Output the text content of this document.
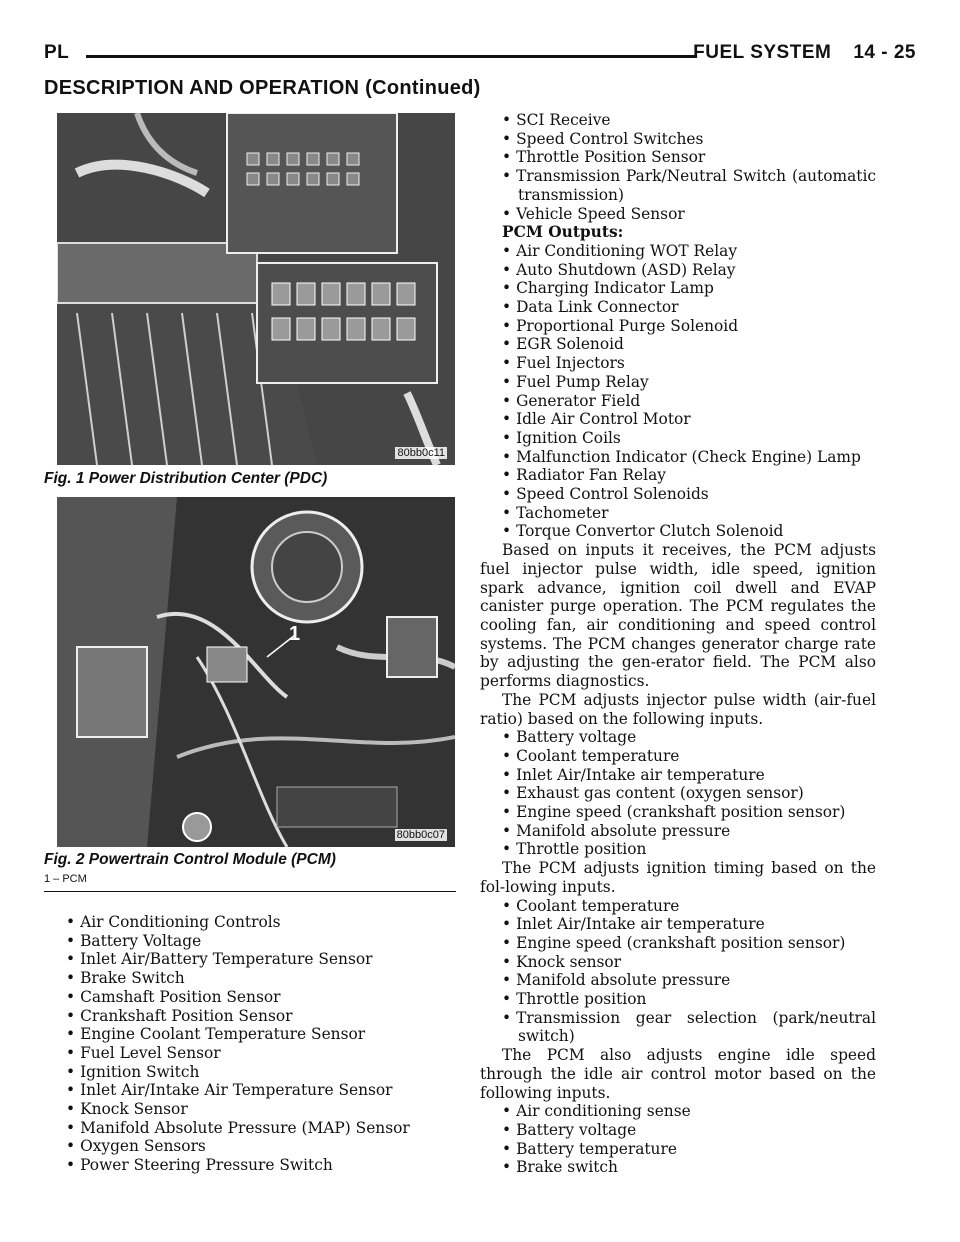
PL	FUEL SYSTEM 14 - 25
DESCRIPTION AND OPERATION (Continued)
80bb0c11
Fig. 1 Power Distribution Center (PDC)
1
80bb0c07
Fig. 2 Powertrain Control Module (PCM)
1 – PCM
• Air Conditioning Controls
• Battery Voltage
• Inlet Air/Battery Temperature Sensor
• Brake Switch
• Camshaft Position Sensor
• Crankshaft Position Sensor
• Engine Coolant Temperature Sensor
• Fuel Level Sensor
• Ignition Switch
• Inlet Air/Intake Air Temperature Sensor
• Knock Sensor
• Manifold Absolute Pressure (MAP) Sensor
• Oxygen Sensors
• Power Steering Pressure Switch
• SCI Receive
• Speed Control Switches
• Throttle Position Sensor
• Transmission Park/Neutral Switch (automatic transmission)
• Vehicle Speed Sensor
PCM Outputs:
• Air Conditioning WOT Relay
• Auto Shutdown (ASD) Relay
• Charging Indicator Lamp
• Data Link Connector
• Proportional Purge Solenoid
• EGR Solenoid
• Fuel Injectors
• Fuel Pump Relay
• Generator Field
• Idle Air Control Motor
• Ignition Coils
• Malfunction Indicator (Check Engine) Lamp
• Radiator Fan Relay
• Speed Control Solenoids
• Tachometer
• Torque Convertor Clutch Solenoid
Based on inputs it receives, the PCM adjusts fuel injector pulse width, idle speed, ignition spark advance, ignition coil dwell and EVAP canister purge operation. The PCM regulates the cooling fan, air conditioning and speed control systems. The PCM changes generator charge rate by adjusting the gen-erator field. The PCM also performs diagnostics.
The PCM adjusts injector pulse width (air-fuel ratio) based on the following inputs.
• Battery voltage
• Coolant temperature
• Inlet Air/Intake air temperature
• Exhaust gas content (oxygen sensor)
• Engine speed (crankshaft position sensor)
• Manifold absolute pressure
• Throttle position
The PCM adjusts ignition timing based on the fol-lowing inputs.
• Coolant temperature
• Inlet Air/Intake air temperature
• Engine speed (crankshaft position sensor)
• Knock sensor
• Manifold absolute pressure
• Throttle position
• Transmission gear selection (park/neutral switch)
The PCM also adjusts engine idle speed through the idle air control motor based on the following inputs.
• Air conditioning sense
• Battery voltage
• Battery temperature
• Brake switch
